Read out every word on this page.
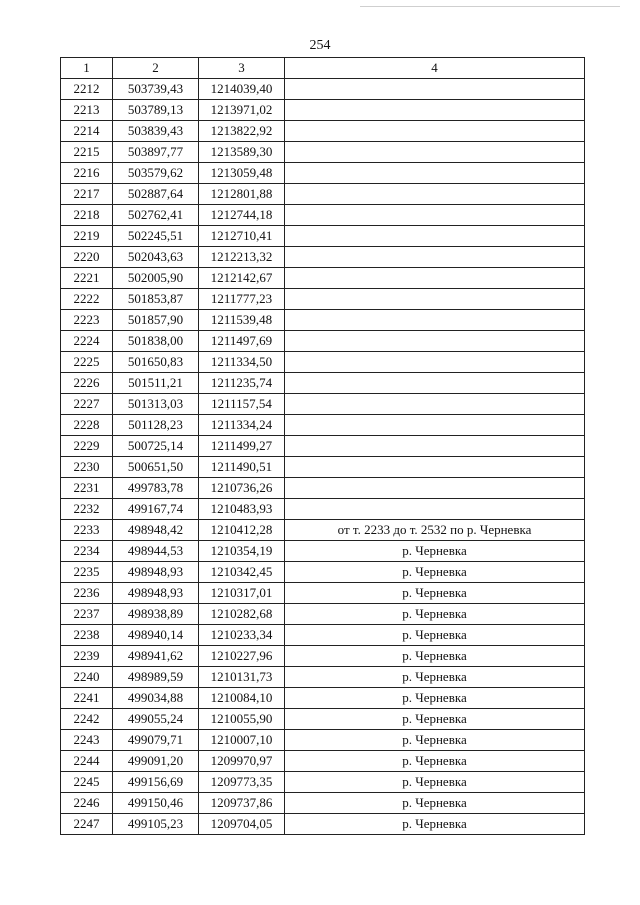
254
1	2	3	4
2212	503739,43	1214039,40	
2213	503789,13	1213971,02	
2214	503839,43	1213822,92	
2215	503897,77	1213589,30	
2216	503579,62	1213059,48	
2217	502887,64	1212801,88	
2218	502762,41	1212744,18	
2219	502245,51	1212710,41	
2220	502043,63	1212213,32	
2221	502005,90	1212142,67	
2222	501853,87	1211777,23	
2223	501857,90	1211539,48	
2224	501838,00	1211497,69	
2225	501650,83	1211334,50	
2226	501511,21	1211235,74	
2227	501313,03	1211157,54	
2228	501128,23	1211334,24	
2229	500725,14	1211499,27	
2230	500651,50	1211490,51	
2231	499783,78	1210736,26	
2232	499167,74	1210483,93	
2233	498948,42	1210412,28	от т. 2233 до т. 2532 по р. Черневка
2234	498944,53	1210354,19	р. Черневка
2235	498948,93	1210342,45	р. Черневка
2236	498948,93	1210317,01	р. Черневка
2237	498938,89	1210282,68	р. Черневка
2238	498940,14	1210233,34	р. Черневка
2239	498941,62	1210227,96	р. Черневка
2240	498989,59	1210131,73	р. Черневка
2241	499034,88	1210084,10	р. Черневка
2242	499055,24	1210055,90	р. Черневка
2243	499079,71	1210007,10	р. Черневка
2244	499091,20	1209970,97	р. Черневка
2245	499156,69	1209773,35	р. Черневка
2246	499150,46	1209737,86	р. Черневка
2247	499105,23	1209704,05	р. Черневка
